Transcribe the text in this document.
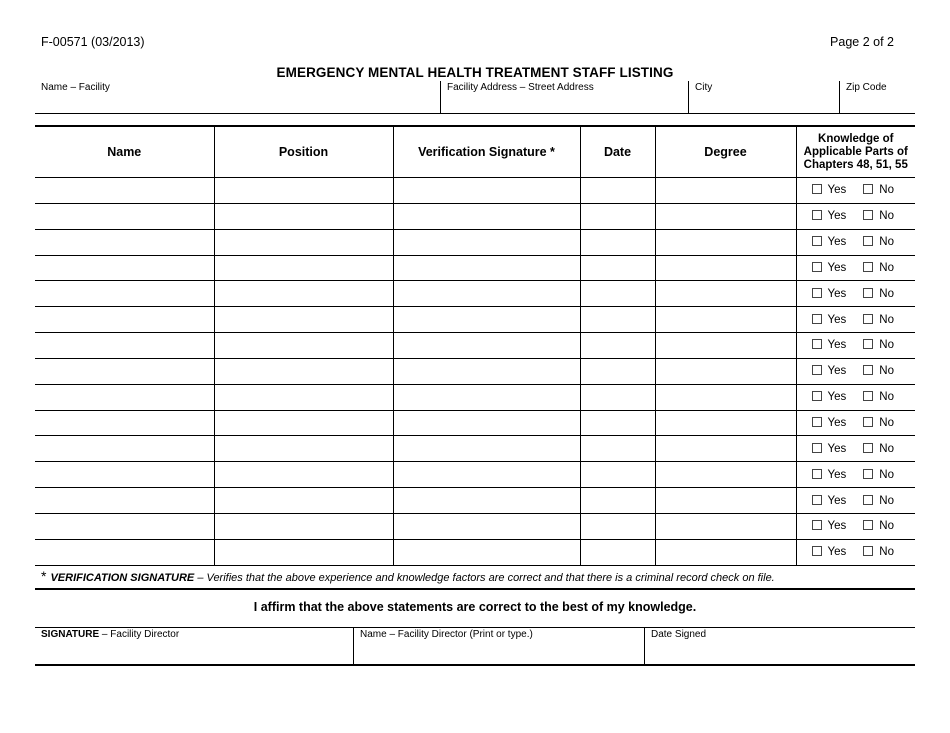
F-00571 (03/2013)	Page 2 of 2
EMERGENCY MENTAL HEALTH TREATMENT STAFF LISTING
Name – Facility	Facility Address – Street Address	City	Zip Code
Name	Position	Verification Signature *	Date	Degree	Knowledge of Applicable Parts of Chapters 48, 51, 55
					Yes No
					Yes No
					Yes No
					Yes No
					Yes No
					Yes No
					Yes No
					Yes No
					Yes No
					Yes No
					Yes No
					Yes No
					Yes No
					Yes No
					Yes No
* VERIFICATION SIGNATURE – Verifies that the above experience and knowledge factors are correct and that there is a criminal record check on file.
I affirm that the above statements are correct to the best of my knowledge.
SIGNATURE – Facility Director	Name – Facility Director (Print or type.)	Date Signed
